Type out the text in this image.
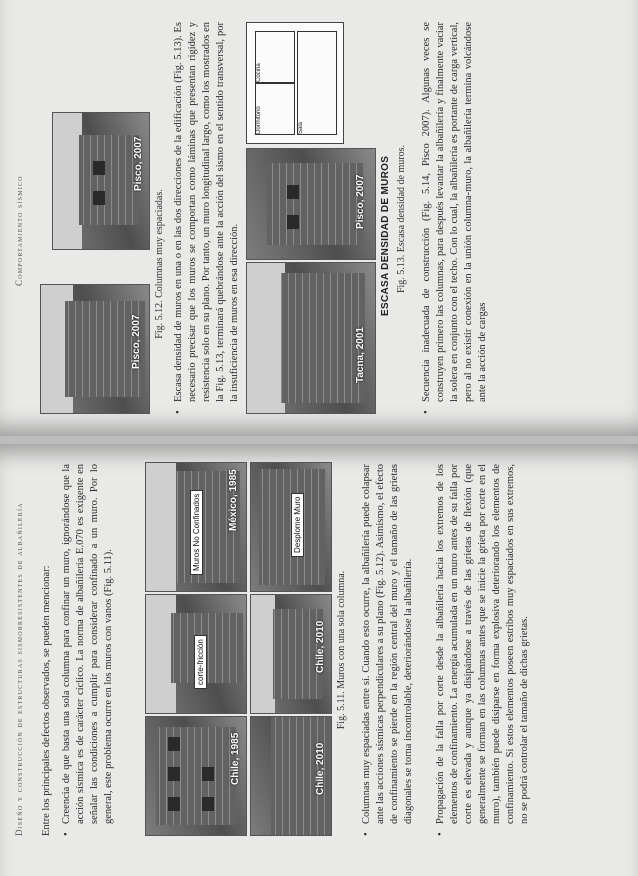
Diseño y construcción de estructuras sismorresistentes de albañilería Entre los principales defectos observados, se pueden mencionar: • Creencia de que basta una sola columna para confinar un muro, ignorándose que la acción sísmica es de carácter cíclico. La norma de albañilería E.070 es exigente en señalar las condiciones a cumplir para considerar confinado a un muro. Por lo general, este problema ocurre en los muros con vanos (Fig. 5.11).	Chile, 1985
corte-fricción
Muros No Confinados	México, 1985
Chile, 2010
Chile, 2010
Desplome Muro
Fig. 5.11. Muros con una sola columna. • Columnas muy espaciadas entre sí. Cuando esto ocurre, la albañilería puede colapsar ante las acciones sísmicas perpendiculares a su plano (Fig. 5.12). Asimismo, el efecto de confinamiento se pierde en la región central del muro y el tamaño de las grietas diagonales se torna incontrolable, deteriorándose la albañilería. • Propagación de la falla por corte desde la albañilería hacia los extremos de los elementos de confinamiento. La energía acumulada en un muro antes de su falla por corte es elevada y aunque ya disipándose a través de las grietas de flexión (que generalmente se forman en las columnas antes que se inicie la grieta por corte en el muro), también puede disiparse en forma explosiva deteriorando los elementos de confinamiento. Si estos elementos poseen estribos muy espaciados en sus extremos, no se podrá controlar el tamaño de dichas grietas.
Comportamiento sísmico
Pisco, 2007
Pisco, 2007
Fig. 5.12. Columnas muy espaciadas. • Escasa densidad de muros en una o en las dos direcciones de la edificación (Fig. 5.13). Es necesario precisar que los muros se comportan como láminas que presentan rigidez y resistencia solo en su plano. Por tanto, un muro longitudinal largo, como los mostrados en la Fig. 5.13, terminará quebrándose ante la acción del sismo en el sentido transversal, por la insuficiencia de muros en esa dirección.	Tacna, 2001
Pisco, 2007
Dormitorio
Cocina
Sala
ESCASA DENSIDAD DE MUROS Fig. 5.13. Escasa densidad de muros. • Secuencia inadecuada de construcción (Fig. 5.14, Pisco 2007). Algunas veces se construyen primero las columnas, para después levantar la albañilería y finalmente vaciar la solera en conjunto con el techo. Con lo cual, la albañilería es portante de carga vertical, pero al no existir conexión en la unión columna-muro, la albañilería termina volcándose ante la acción de cargas
